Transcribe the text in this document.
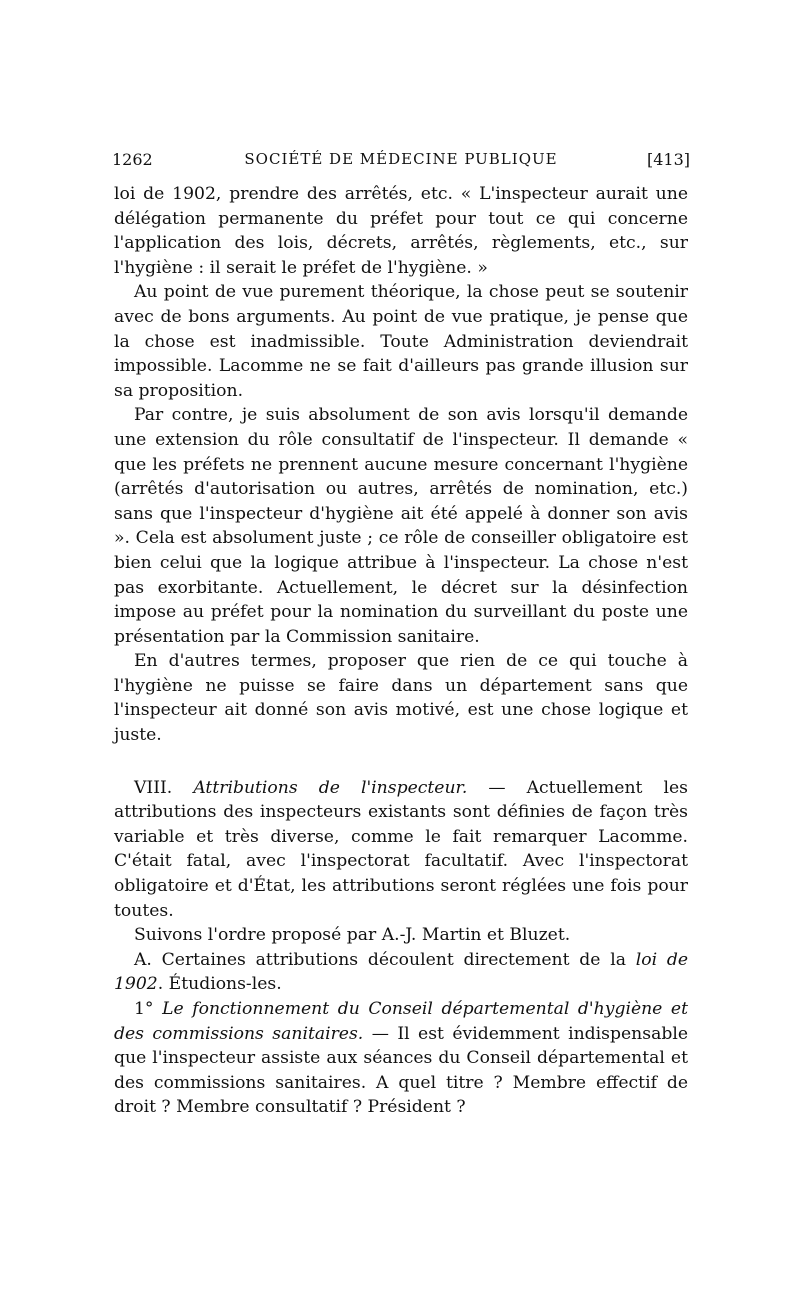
1262	SOCIÉTÉ DE MÉDECINE PUBLIQUE	[413]

loi de 1902, prendre des arrêtés, etc. « L'inspecteur aurait une délégation permanente du préfet pour tout ce qui concerne l'application des lois, décrets, arrêtés, règlements, etc., sur l'hygiène : il serait le préfet de l'hygiène. »

Au point de vue purement théorique, la chose peut se soutenir avec de bons arguments. Au point de vue pratique, je pense que la chose est inadmissible. Toute Administration deviendrait impossible. Lacomme ne se fait d'ailleurs pas grande illusion sur sa proposition.

Par contre, je suis absolument de son avis lorsqu'il demande une extension du rôle consultatif de l'inspecteur. Il demande « que les préfets ne prennent aucune mesure concernant l'hygiène (arrêtés d'autorisation ou autres, arrêtés de nomination, etc.) sans que l'inspecteur d'hygiène ait été appelé à donner son avis ». Cela est absolument juste ; ce rôle de conseiller obligatoire est bien celui que la logique attribue à l'inspecteur. La chose n'est pas exorbitante. Actuellement, le décret sur la désinfection impose au préfet pour la nomination du surveillant du poste une présentation par la Commission sanitaire.

En d'autres termes, proposer que rien de ce qui touche à l'hygiène ne puisse se faire dans un département sans que l'inspecteur ait donné son avis motivé, est une chose logique et juste.

VIII. Attributions de l'inspecteur. — Actuellement les attributions des inspecteurs existants sont définies de façon très variable et très diverse, comme le fait remarquer Lacomme. C'était fatal, avec l'inspectorat facultatif. Avec l'inspectorat obligatoire et d'État, les attributions seront réglées une fois pour toutes.

Suivons l'ordre proposé par A.-J. Martin et Bluzet.

A. Certaines attributions découlent directement de la loi de 1902. Étudions-les.

1° Le fonctionnement du Conseil départemental d'hygiène et des commissions sanitaires. — Il est évidemment indispensable que l'inspecteur assiste aux séances du Conseil départemental et des commissions sanitaires. A quel titre ? Membre effectif de droit ? Membre consultatif ? Président ?
